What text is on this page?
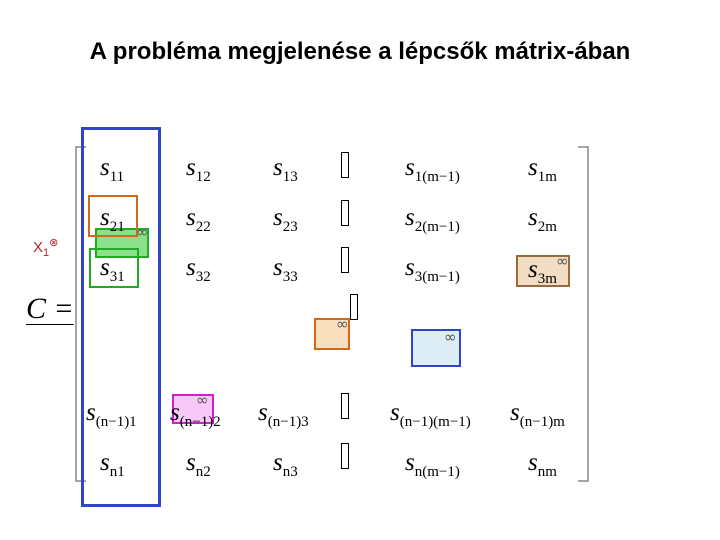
A probléma megjelenése a lépcsők mátrix-ában
C =
$X_1^\otimes$
$s_{11}$ $s_{12}$ $s_{13}$	$s_{1(m-1)}$	$s_{1m}$
$s_{21}$ $s_{22}$ $s_{23}$	$s_{2(m-1)}$	$s_{2m}$
$s_{31}$ $s_{32}$ $s_{33}$	$s_{3(m-1)}$	$s_{3m}$
$s_{(n-1)1}$ $s_{(n-1)2}$ $s_{(n-1)3}$	$s_{(n-1)(m-1)}$ $s_{(n-1)m}$
$s_{n1}$ $s_{n2}$ $s_{n3}$	$s_{n(m-1)}$	$s_{nm}$
∞
∞
∞
∞
∞
